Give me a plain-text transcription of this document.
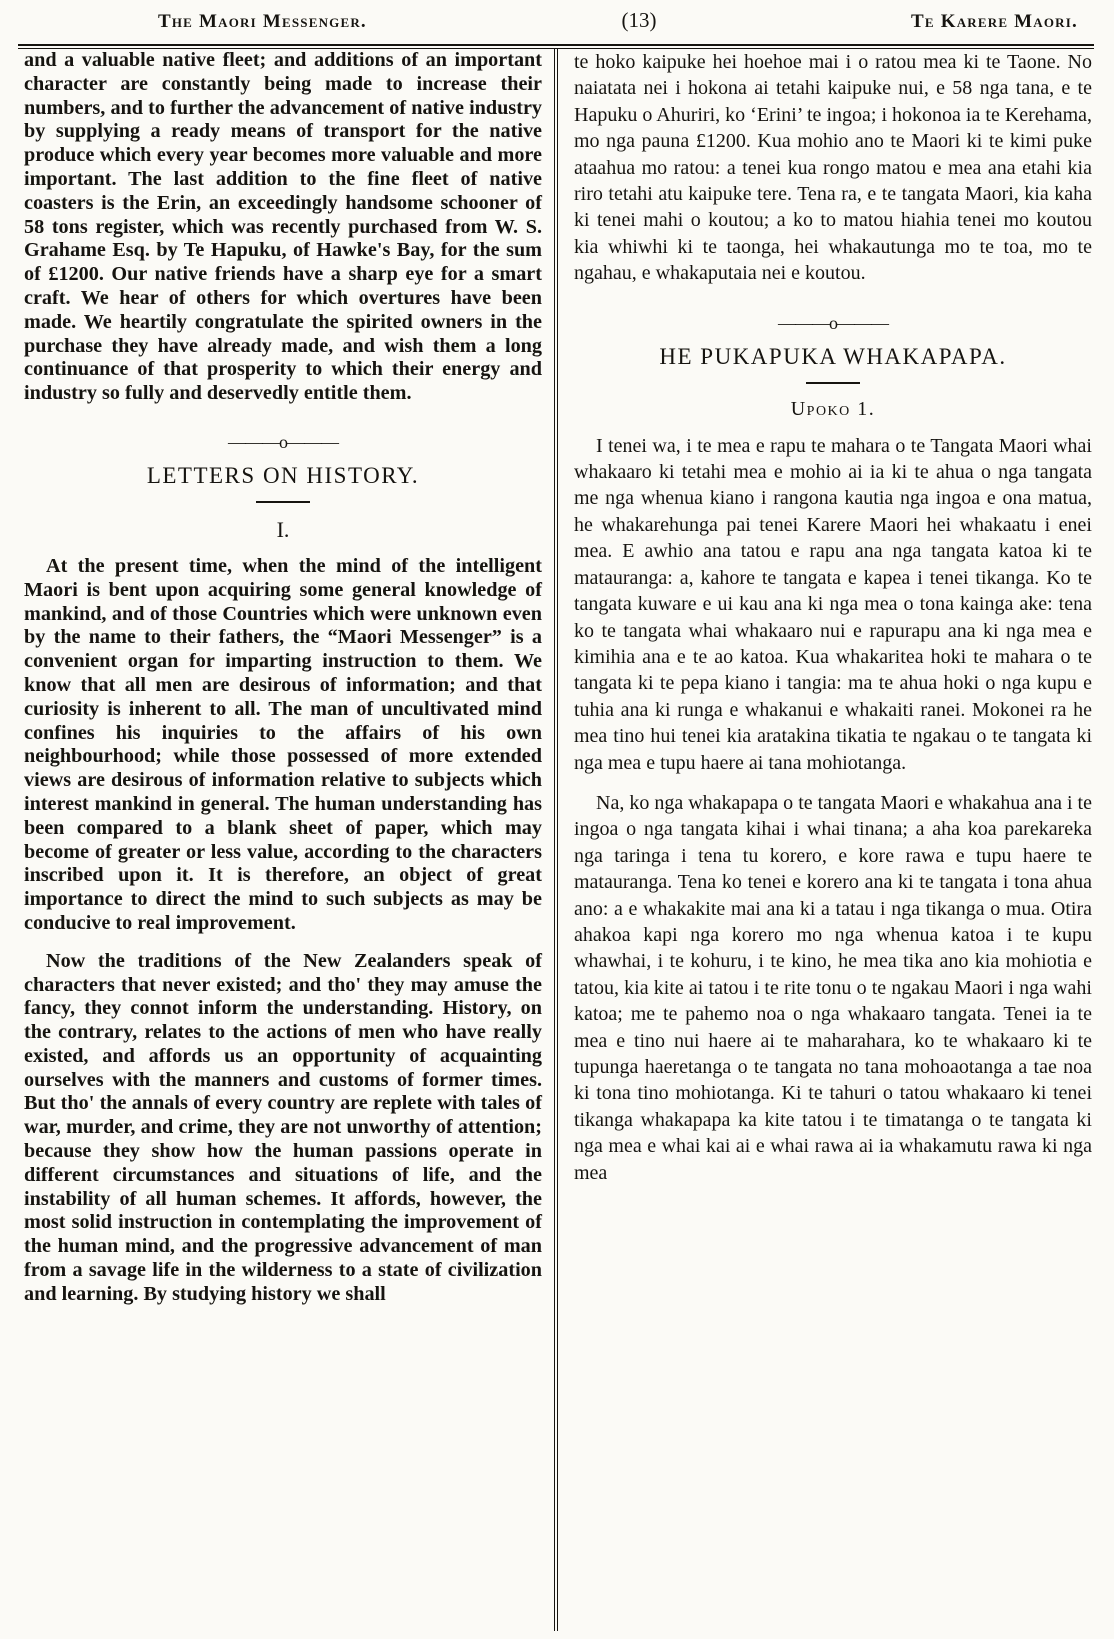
The Maori Messenger.	(13)	Te Karere Maori.

and a valuable native fleet; and additions of an important character are constantly being made to increase their numbers, and to further the advancement of native industry by supplying a ready means of transport for the native produce which every year becomes more valuable and more important. The last addition to the fine fleet of native coasters is the Erin, an exceedingly handsome schooner of 58 tons register, which was recently purchased from W. S. Grahame Esq. by Te Hapuku, of Hawke's Bay, for the sum of £1200. Our native friends have a sharp eye for a smart craft. We hear of others for which overtures have been made. We heartily congratulate the spirited owners in the purchase they have already made, and wish them a long continuance of that prosperity to which their energy and industry so fully and deservedly entitle them.

———o———
LETTERS ON HISTORY.
I.

At the present time, when the mind of the intelligent Maori is bent upon acquiring some general knowledge of mankind, and of those Countries which were unknown even by the name to their fathers, the “Maori Messenger” is a convenient organ for imparting instruction to them. We know that all men are desirous of information; and that curiosity is inherent to all. The man of uncultivated mind confines his inquiries to the affairs of his own neighbourhood; while those possessed of more extended views are desirous of information relative to subjects which interest mankind in general. The human understanding has been compared to a blank sheet of paper, which may become of greater or less value, according to the characters inscribed upon it. It is therefore, an object of great importance to direct the mind to such subjects as may be conducive to real improvement.

Now the traditions of the New Zealanders speak of characters that never existed; and tho' they may amuse the fancy, they connot inform the understanding. History, on the contrary, relates to the actions of men who have really existed, and affords us an opportunity of acquainting ourselves with the manners and customs of former times. But tho' the annals of every country are replete with tales of war, murder, and crime, they are not unworthy of attention; because they show how the human passions operate in different circumstances and situations of life, and the instability of all human schemes. It affords, however, the most solid instruction in contemplating the improvement of the human mind, and the progressive advancement of man from a savage life in the wilderness to a state of civilization and learning. By studying history we shall

te hoko kaipuke hei hoehoe mai i o ratou mea ki te Taone. No naiatata nei i hokona ai tetahi kaipuke nui, e 58 nga tana, e te Hapuku o Ahuriri, ko ‘Erini’ te ingoa; i hokonoa ia te Kerehama, mo nga pauna £1200. Kua mohio ano te Maori ki te kimi puke ataahua mo ratou: a tenei kua rongo matou e mea ana etahi kia riro tetahi atu kaipuke tere. Tena ra, e te tangata Maori, kia kaha ki tenei mahi o koutou; a ko to matou hiahia tenei mo koutou kia whiwhi ki te taonga, hei whakautunga mo te toa, mo te ngahau, e whakaputaia nei e koutou.

———o———
HE PUKAPUKA WHAKAPAPA.
Upoko 1.

I tenei wa, i te mea e rapu te mahara o te Tangata Maori whai whakaaro ki tetahi mea e mohio ai ia ki te ahua o nga tangata me nga whenua kiano i rangona kautia nga ingoa e ona matua, he whakarehunga pai tenei Karere Maori hei whakaatu i enei mea. E awhio ana tatou e rapu ana nga tangata katoa ki te matauranga: a, kahore te tangata e kapea i tenei tikanga. Ko te tangata kuware e ui kau ana ki nga mea o tona kainga ake: tena ko te tangata whai whakaaro nui e rapurapu ana ki nga mea e kimihia ana e te ao katoa. Kua whakaritea hoki te mahara o te tangata ki te pepa kiano i tangia: ma te ahua hoki o nga kupu e tuhia ana ki runga e whakanui e whakaiti ranei. Mokonei ra he mea tino hui tenei kia aratakina tikatia te ngakau o te tangata ki nga mea e tupu haere ai tana mohiotanga.

Na, ko nga whakapapa o te tangata Maori e whakahua ana i te ingoa o nga tangata kihai i whai tinana; a aha koa parekareka nga taringa i tena tu korero, e kore rawa e tupu haere te matauranga. Tena ko tenei e korero ana ki te tangata i tona ahua ano: a e whakakite mai ana ki a tatau i nga tikanga o mua. Otira ahakoa kapi nga korero mo nga whenua katoa i te kupu whawhai, i te kohuru, i te kino, he mea tika ano kia mohiotia e tatou, kia kite ai tatou i te rite tonu o te ngakau Maori i nga wahi katoa; me te pahemo noa o nga whakaaro tangata. Tenei ia te mea e tino nui haere ai te maharahara, ko te whakaaro ki te tupunga haeretanga o te tangata no tana mohoaotanga a tae noa ki tona tino mohiotanga. Ki te tahuri o tatou whakaaro ki tenei tikanga whakapapa ka kite tatou i te timatanga o te tangata ki nga mea e whai kai ai e whai rawa ai ia whakamutu rawa ki nga mea
